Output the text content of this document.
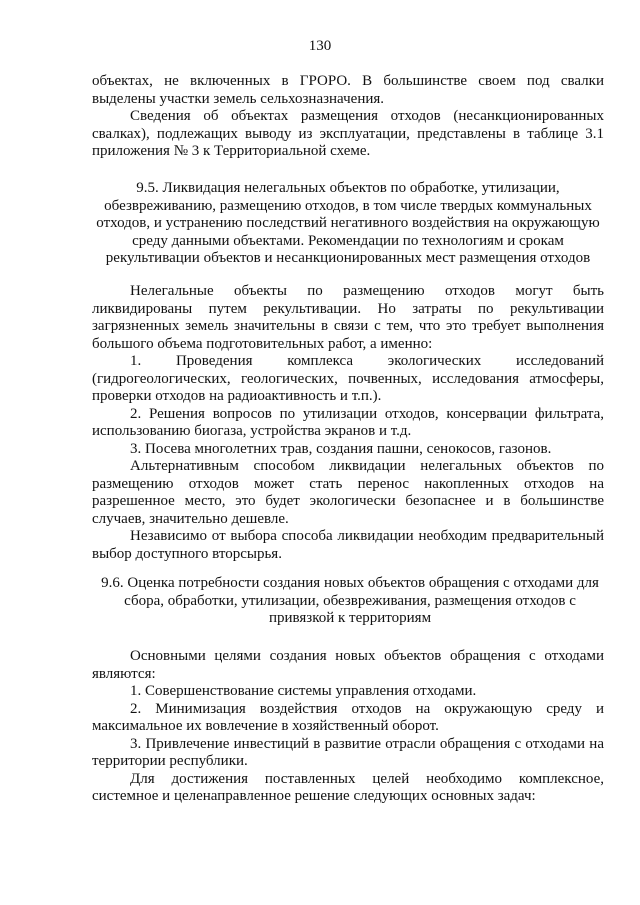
130

объектах, не включенных в ГРОРО. В большинстве своем под свалки выделены участки земель сельхозназначения.

Сведения об объектах размещения отходов (несанкционированных свалках), подлежащих выводу из эксплуатации, представлены в таблице 3.1 приложения № 3 к Территориальной схеме.

9.5. Ликвидация нелегальных объектов по обработке, утилизации, обезвреживанию, размещению отходов, в том числе твердых коммунальных отходов, и устранению последствий негативного воздействия на окружающую среду данными объектами. Рекомендации по технологиям и срокам рекультивации объектов и несанкционированных мест размещения отходов

Нелегальные объекты по размещению отходов могут быть ликвидированы путем рекультивации. Но затраты по рекультивации загрязненных земель значительны в связи с тем, что это требует выполнения большого объема подготовительных работ, а именно:

1. Проведения комплекса экологических исследований (гидрогеологических, геологических, почвенных, исследования атмосферы, проверки отходов на радиоактивность и т.п.).

2. Решения вопросов по утилизации отходов, консервации фильтрата, использованию биогаза, устройства экранов и т.д.

3. Посева многолетних трав, создания пашни, сенокосов, газонов.

Альтернативным способом ликвидации нелегальных объектов по размещению отходов может стать перенос накопленных отходов на разрешенное место, это будет экологически безопаснее и в большинстве случаев, значительно дешевле.

Независимо от выбора способа ликвидации необходим предварительный выбор доступного вторсырья.

9.6. Оценка потребности создания новых объектов обращения с отходами для сбора, обработки, утилизации, обезвреживания, размещения отходов с привязкой к территориям

Основными целями создания новых объектов обращения с отходами являются:

1. Совершенствование системы управления отходами.

2. Минимизация воздействия отходов на окружающую среду и максимальное их вовлечение в хозяйственный оборот.

3. Привлечение инвестиций в развитие отрасли обращения с отходами на территории республики.

Для достижения поставленных целей необходимо комплексное, системное и целенаправленное решение следующих основных задач:
